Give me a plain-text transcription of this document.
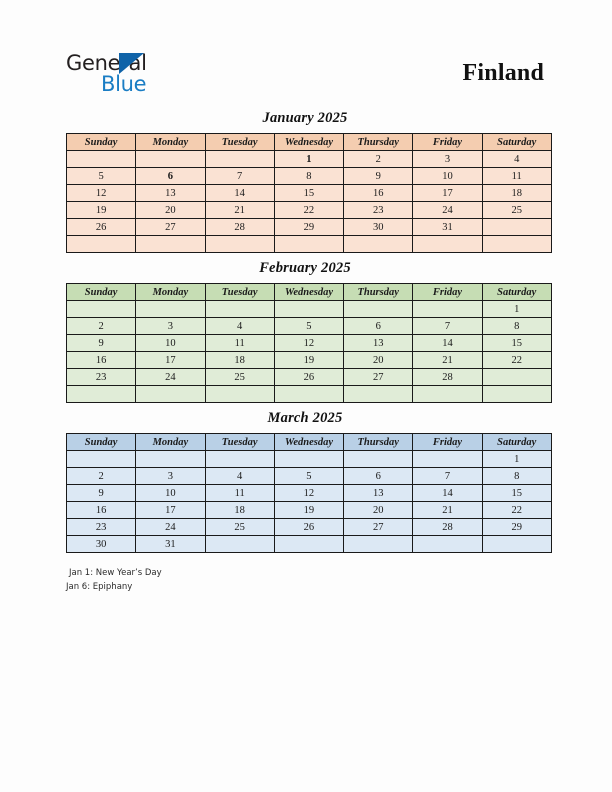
General
Blue	Finland
January 2025
Sunday	Monday	Tuesday	Wednesday	Thursday	Friday	Saturday
			1	2	3	4
5	6	7	8	9	10	11
12	13	14	15	16	17	18
19	20	21	22	23	24	25
26	27	28	29	30	31	

February 2025
Sunday	Monday	Tuesday	Wednesday	Thursday	Friday	Saturday
						1
2	3	4	5	6	7	8
9	10	11	12	13	14	15
16	17	18	19	20	21	22
23	24	25	26	27	28	

March 2025
Sunday	Monday	Tuesday	Wednesday	Thursday	Friday	Saturday
						1
2	3	4	5	6	7	8
9	10	11	12	13	14	15
16	17	18	19	20	21	22
23	24	25	26	27	28	29
30	31					
Jan 1: New Year’s Day
Jan 6: Epiphany
